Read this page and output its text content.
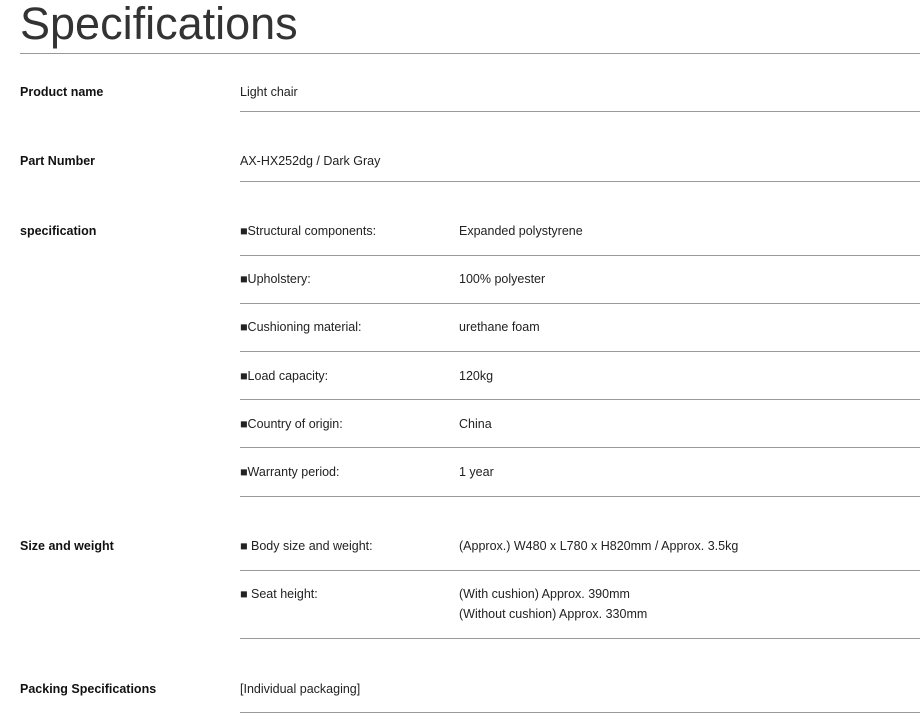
Specifications
Product name	Light chair
Part Number	AX-HX252dg / Dark Gray
specification	■Structural components:	Expanded polystyrene
■Upholstery:	100% polyester
■Cushioning material:	urethane foam
■Load capacity:	120kg
■Country of origin:	China
■Warranty period:	1 year
Size and weight	■ Body size and weight:	(Approx.) W480 x L780 x H820mm / Approx. 3.5kg
■ Seat height:	(With cushion) Approx. 390mm
(Without cushion) Approx. 330mm
Packing Specifications	[Individual packaging]
